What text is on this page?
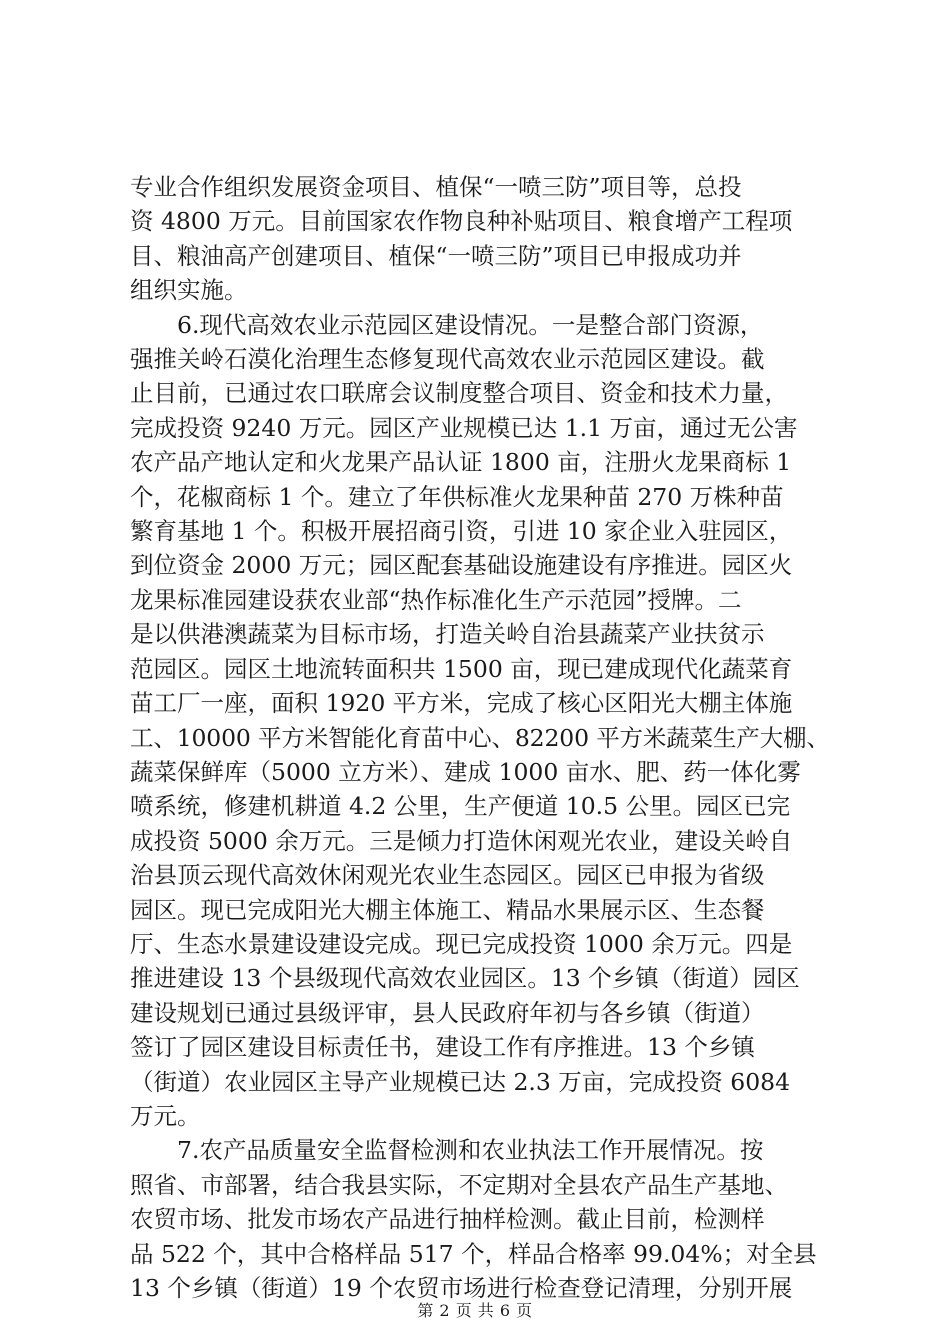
专业合作组织发展资金项目、植保“一喷三防”项目等，总投
资 4800 万元。目前国家农作物良种补贴项目、粮食增产工程项
目、粮油高产创建项目、植保“一喷三防”项目已申报成功并
组织实施。
6.现代高效农业示范园区建设情况。一是整合部门资源，
强推关岭石漠化治理生态修复现代高效农业示范园区建设。截
止目前，已通过农口联席会议制度整合项目、资金和技术力量，
完成投资 9240 万元。园区产业规模已达 1.1 万亩，通过无公害
农产品产地认定和火龙果产品认证 1800 亩，注册火龙果商标 1
个，花椒商标 1 个。建立了年供标准火龙果种苗 270 万株种苗
繁育基地 1 个。积极开展招商引资，引进 10 家企业入驻园区，
到位资金 2000 万元；园区配套基础设施建设有序推进。园区火
龙果标准园建设获农业部“热作标准化生产示范园”授牌。二
是以供港澳蔬菜为目标市场，打造关岭自治县蔬菜产业扶贫示
范园区。园区土地流转面积共 1500 亩，现已建成现代化蔬菜育
苗工厂一座，面积 1920 平方米，完成了核心区阳光大棚主体施
工、10000 平方米智能化育苗中心、82200 平方米蔬菜生产大棚、
蔬菜保鲜库（5000 立方米）、建成 1000 亩水、肥、药一体化雾
喷系统，修建机耕道 4.2 公里，生产便道 10.5 公里。园区已完
成投资 5000 余万元。三是倾力打造休闲观光农业，建设关岭自
治县顶云现代高效休闲观光农业生态园区。园区已申报为省级
园区。现已完成阳光大棚主体施工、精品水果展示区、生态餐
厅、生态水景建设建设完成。现已完成投资 1000 余万元。四是
推进建设 13 个县级现代高效农业园区。13 个乡镇（街道）园区
建设规划已通过县级评审，县人民政府年初与各乡镇（街道）
签订了园区建设目标责任书，建设工作有序推进。13 个乡镇
（街道）农业园区主导产业规模已达 2.3 万亩，完成投资 6084
万元。
7.农产品质量安全监督检测和农业执法工作开展情况。按
照省、市部署，结合我县实际，不定期对全县农产品生产基地、
农贸市场、批发市场农产品进行抽样检测。截止目前，检测样
品 522 个，其中合格样品 517 个，样品合格率 99.04%；对全县
13 个乡镇（街道）19 个农贸市场进行检查登记清理，分别开展
第 2 页 共 6 页
